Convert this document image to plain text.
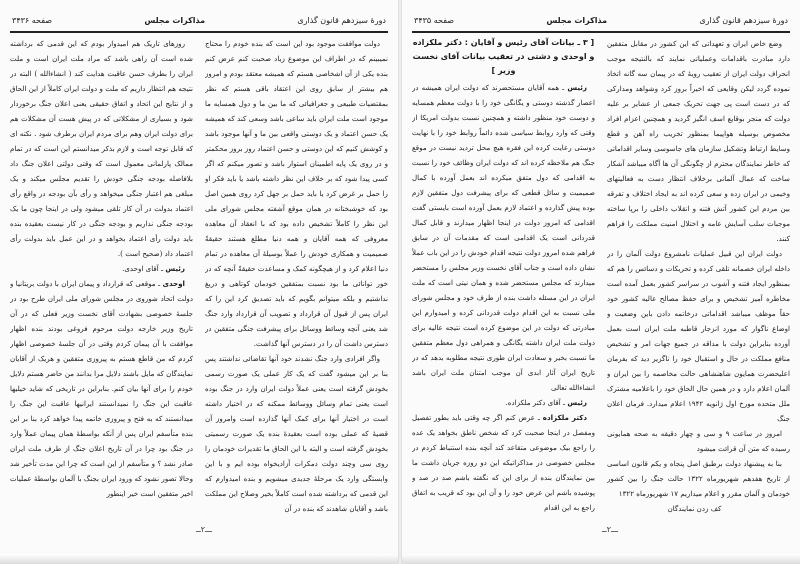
دورهٔ سیزدهم قانون گذاری
مذاکرات مجلس
صفحه ۳۴۳۶

دولت موافقت موجود بود این است که بنده خودم را محتاج نمیبینم که در اطراف این موضوع زیاد صحبت کنم عرض کنم بنده یکی از آن اشخاصی هستم که همیشه معتقد بودم و امروز هم بیشتر از سابق روی این اعتقاد باقی هستم که نظر بمقتضیات طبیعی و جغرافیائی که ما بین ما و دول همسایه ما موجود است ملت ایران باید ساعی باشد وسعی کند که همیشه یک حسن اعتماد و یک دوستی واقعی بین ما و آنها موجود باشد و کوشش کنیم که این دوستی و حسن اعتماد روز بروز محکمتر و در روی یک پایه اطمینان استوار باشد و تصور میکنم که اگر کسی پیدا شود که بر خلاف این نظر داشته باشد یا باید فکر او را حمل بر غرض کرد یا باید حمل بر جهل کرد روی همین اصل بود که خوشبختانه در همان موقع آشفته مجلس شورای ملی این نظر را کاملاً تشخیص داده بود که با انعقاد آن معاهده معروفی که همه آقایان و همه دنیا مطلع هستند حقیقةً صمیمیت و همکاری خودش را عملاً بوسیلهٔ آن معاهده در تمام دنیا اعلام کرد و از هیچگونه کمک و مساعدت حقیقةً آنچه که در خور توانائی ما بود نسبت بمتفقین خودمان کوتاهی و دریغ نداشتیم و بلکه میتوانم بگویم که باید تصدیق کرد این را که ایران پس از قبول آن قرارداد و تصویب آن قرارداد وارد جنگ شد یعنی آنچه وسائط ووسائل برای پیشرفت جنگی متفقین در دسترس داشت آن را در دسترس آنها گذاشت.

واگر افرادی وارد جنگ نشدند خود آنها تقاضائی نداشتند پس بنا بر این میشود گفت که یک کار عملی یک صورت رسمی بخودش گرفته است یعنی عملاً دولت ایران وارد در جنگ بوده است یعنی تمام وسائل ووسائط ممکنه که در اختیار داشته است در اختیار آنها برای کمک آنها گذارده است وامروز آن قضیهٔ که عملی بوده است بعقیدهٔ بنده یک صورت رسمیتی بخودش گرفته است و البته با این الحاق ما تقدیرات خودمان را روی سی وچند دولت دمکرات آزادیخواه بوده ایم و با این وابستگی وارد یک مرحلهٔ جدیدی میشویم و بنده امیدوارم که این قدمی که برداشته شده است کاملاً بخیر وصلاح این مملکت باشد و آقایان شاهدند که بنده در آن

روزهای تاریک هم امیدوار بودم که این قدمی که برداشته شده است آن راهی باشد که مراد ملت ایران است و ملت ایران را بطرف حسن عاقبت هدایت کند ( انشاءالله ) البته در نتیجه هم انتظار داریم که ملت و دولت ایران کاملاً از این الحاق و از نتایج این اتحاد و اتفاق حقیقی یعنی اعلان جنگ برخوردار شود و بسیاری از مشکلاتی که در پیش هست آن مشکلات هم برای دولت ایران وهم برای مردم ایران برطرف شود . نکته ای که قابل توجه است و لازم بذکر میدانستم این است که در تمام ممالک پارلمانی معمول است که وقتی دولتی اعلان جنگ داد بلافاصله بودجه جنگی خودش را تقدیم مجلس میکند و یک مبلغی هم اعتبار جنگی میخواهد و رأی بآن بودجه در واقع رأی اعتماد بدولت در آن کار تلقی میشود ولی در اینجا چون ما یک بودجه جنگی نداریم و بودجه جنگی در کار نیست بعقیده بنده باید دولت رأی اعتماد بخواهد و در این عمل باید بدولت رأی اعتماد داد (صحیح است ).

رئیس ـ آقای اوحدی.

اوحدی ـ موقعی که قرارداد و پیمان ایران با دولت بریتانیا و دولت اتحاد شوروی در مجلس شورای ملی ایران طرح بود در جلسهٔ خصوصی بشهادت آقای نخست وزیر فعلی که در آن تاریخ وزیر خارجه دولت مرحوم فروغی بودند بنده اظهار موافقت با آن پیمان کردم وقتی در آن جلسهٔ خصوصی اظهار کردم که من قاطع هستم به پیروزی متفقین و هریک از آقایان نمایندگان که مایل باشند دلایل مرا بدانند من حاضر هستم دلایل خودم را برای آنها بیان کنم. بنابراین در تاریخی که شاید خیلیها عاقبت این جنگ را نمیدانستند ایرانیها عاقبت این جنگ را میدانستند که به فتح و پیروزی خاتمه پیدا خواهد کرد بنا بر این بنده متأسفم ایران پس از آنکه بواسطهٔ همان پیمان عملاً وارد در جنگ بود چرا در آن تاریخ اعلان جنگ از طرف ملت ایران صادر نشد ؟ و متأسفم از این است که چرا این مدت تأخیر شد وحالا تصور نشود که ورود ایران بجنگ با آلمان بواسطهٔ عملیات اخیر متفقین است خیر اینطور

ـــ۲ــ
دورهٔ سیزدهم قانون گذاری
مذاکرات مجلس
صفحه ۳۴۳۵

وضع خاص ایران و تعهداتی که این کشور در مقابل متفقین دارد مبادرت باقدامات وعملیاتی نمایند که بالنتیجه موجب انحراف دولت ایران از تعقیب رویهٔ که در پیمان سه گانه اتخاذ نموده گردد لیکن وقایعی که اخیراً بروز کرد وشواهد ومدارکی که در دست است پی جهت تحریک جمعی از عشایر بر علیه دولت که منجر بوقایع اسف انگیز گردید و همچنین اعزام افراد مخصوص بوسیله هواپیما بمنظور تخریب راه آهن و قطع وسایط ارتباط وتشکیل سازمان های جاسوسی وسایر اقداماتی که خاطر نمایندگان محترم از چگونگی آن ها آگاه میباشد آشکار ساخت که عمال آلمانی برخلاف انتظار دست به فعالیتهای وخیمی در ایران زده و سعی کرده اند به ایجاد اختلاف و تفرقه بین مردم این کشور آتش فتنه و انقلاب داخلی را برپا ساخته موجبات سلب آسایش عامه و اختلال امنیت مملکت را فراهم کنند.

دولت ایران این قبیل عملیات نامشروع دولت آلمان را در داخله ایران خصمانه تلقی کرده و تحریکات و دسائس را هم که بمنظور ایجاد فتنه و آشوب در سراسر کشور بعمل آمده است مخاطره آمیز تشخیص و برای حفظ مصالح عالیه کشور خود حقاً موظف میباشد اقداماتی درخاتمه دادن باین وضعیت و اوضاع ناگوار که مورد انزجار قاطبه ملت ایران است بعمل آورده بنابراین دولت با مداقه در جمیع جهات امر و تشخیص منافع مملکت در حال و استقبال خود را ناگزیر دید که بفرمان اعلیحضرت همایون شاهنشاهی حالت مخاصمه را بین ایران و آلمان اعلام دارد و در همین حال الحاق خود را باعلامیه مشترک ملل متحده مورخ اول ژانویه ۱۹۴۲ اعلام میدارد. فرمان اعلان جنگ

امروز در ساعت ۹ و سی و چهار دقیقه به صحه همایونی رسیده که متن آن قرائت میشود

بنا به پیشنهاد دولت برطبق اصل پنجاه و یکم قانون اساسی از تاریخ هفدهم شهریورماه ۱۳۲۲ حالت جنگ را بین کشور خودمان و آلمان مقرر و اعلام میداریم ۱۷ شهریورماه ۱۳۲۲

کف زدن نمایندگان

[ ۳ ـ بیانات آقای رئیس و آقایان : دکتر ملکزاده و اوحدی و دشتی در تعقیب بیانات آقای نخست وزیر ]

رئیس ـ همه آقایان مستحضرند که دولت ایران همیشه در اعصار گذشته دوستی و یگانگی خود را با دولت معظم همسایه و دوست خود منظور داشته و همچنین نسبت بدولت امریکا از وقتی که وارد روابط سیاسی شده دائماً روابط خود را با نهایت دوستی رعایت کرده این فقره هیچ محل تردید نیست در موقع جنگ هم ملاحظه کرده اند که دولت ایران وظائف خود را نسبت به اقدامی که دول متفق میکرده اند بعمل آورده با کمال صمیمیت و سائل قطعی که برای پیشرفت دول متفقین لازم بوده پیش گذارده و اعتماد لازم بعمل آورده است بایستی گفت اقدامی که امروز دولت در اینجا اظهار میدارند و قابل کمال قدردانی است یک اقدامی است که مقدمات آن در سابق فراهم شده امروز دولت نتیجه اقدام خودش را در این باب عملاً نشان داده است و جناب آقای نخست وزیر مجلس را مستحضر میدارند که مجلس مستحضر شده و همان نیتی است که ملت ایران در این مسئله داشت بنده از طرف خود و مجلس شورای ملی نسبت به این اقدام دولت قدردانی کرده و امیدوارم این مبادرتی که دولت در این موضوع کرده است نتیجه عالیه برای دولت ملت ایران داشته یگانگی و همراهی دول معظم متفقین ما نسبت بخیر و سعادت ایران طوری نتیجه مطلوبه بدهد که در تاریخ ایران آثار ابدی آن موجب امتنان ملت ایران باشد انشاءالله تعالی

رئیس ـ آقای دکتر ملکزاده.

دکتر ملکزاده ـ عرض کنم اگر چه وقتی باید بطور تفصیل ومفصل در اینجا صحبت کرد که شخص ناطق بخواهد یک عده را راجع بیک موضوعی متقاعد کند آنچه بنده استنباط کردم در مجلس خصوصی در مذاکراتیکه این دو روزه جریان داشت ما بین نمایندگان بنده از برای این که نگفته باشم صد در صد و پوشیده باشم این عرض خود را و آن این بود که قریب به اتفاق راجع به این اقدام

ـــ۲ــ
